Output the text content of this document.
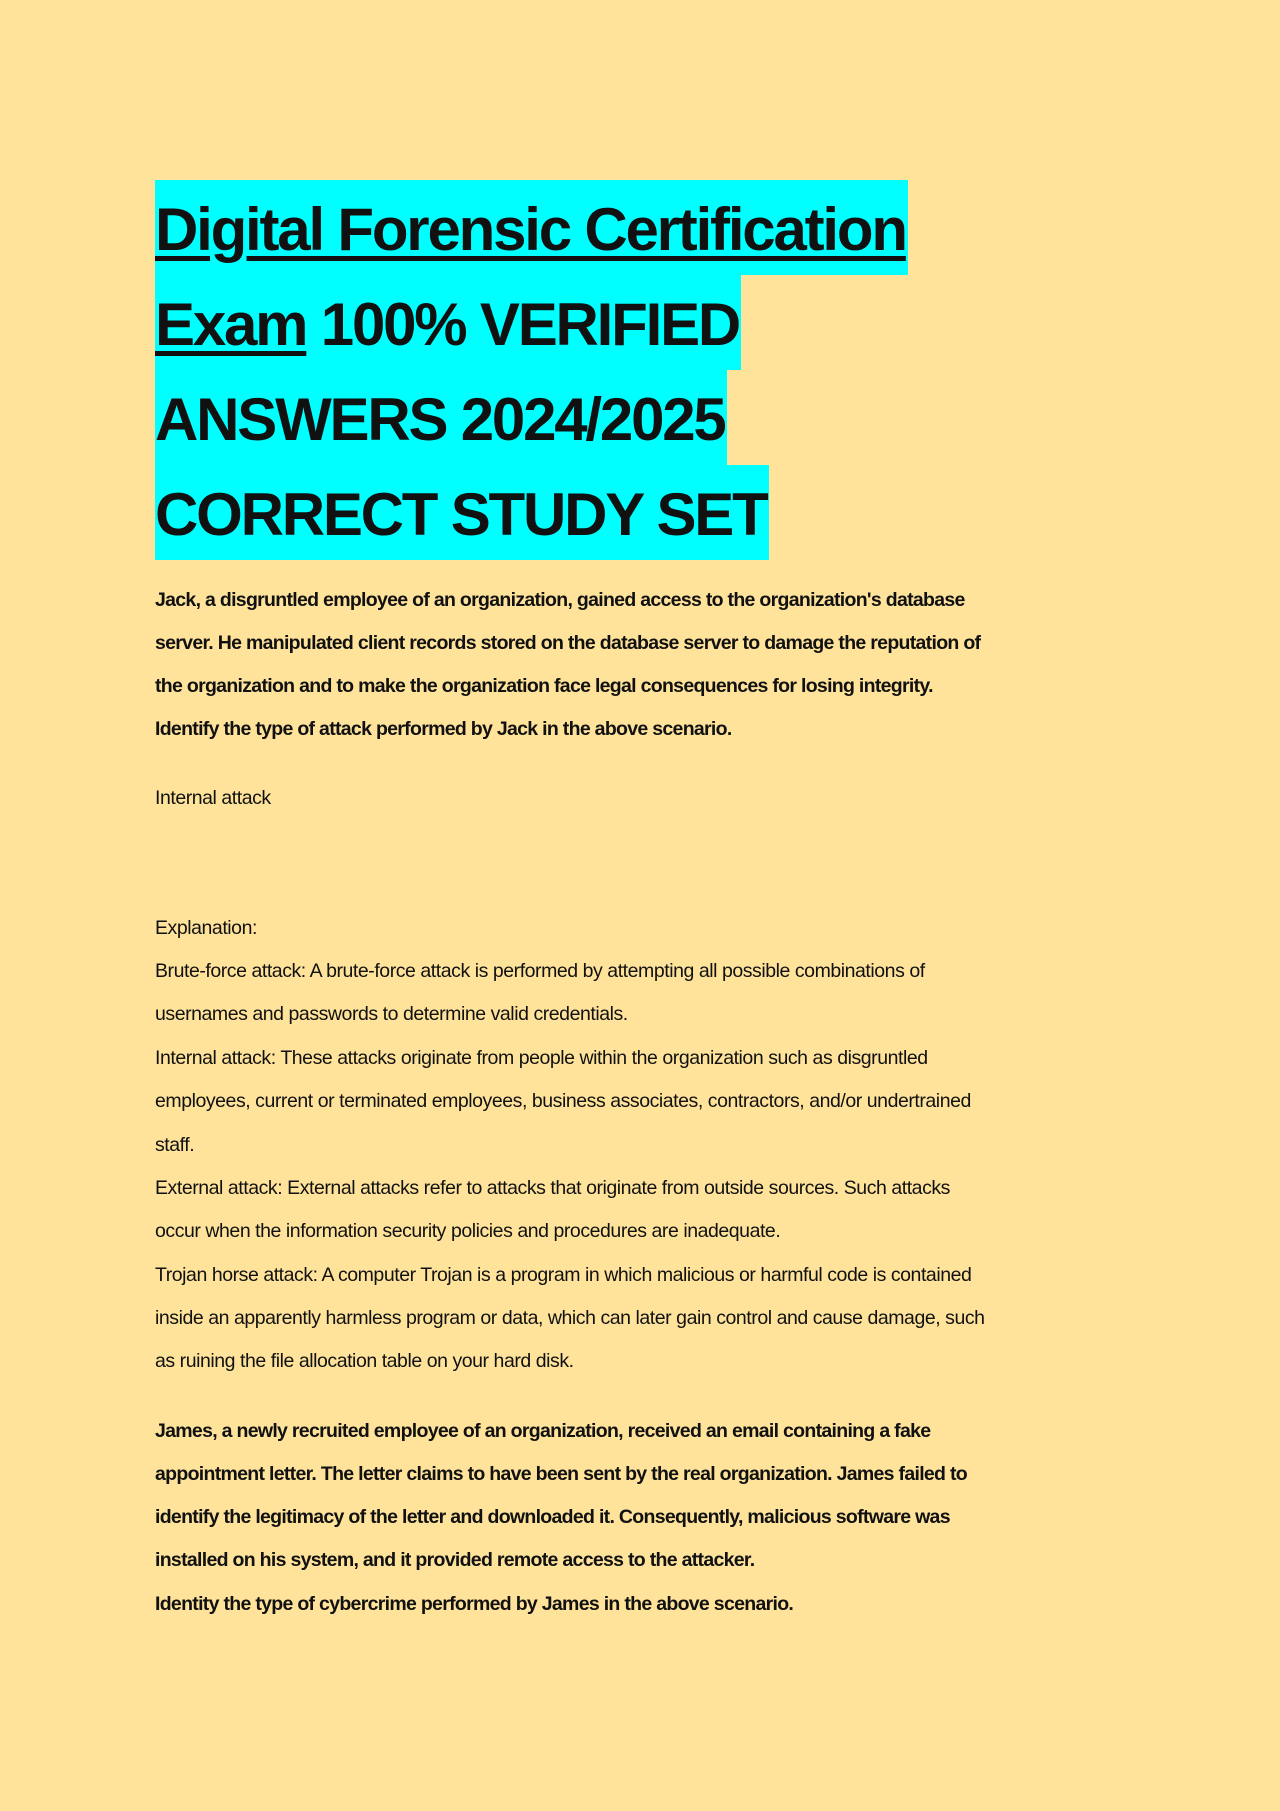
Digital Forensic Certification
Exam 100% VERIFIED
ANSWERS 2024/2025
CORRECT STUDY SET
Jack, a disgruntled employee of an organization, gained access to the organization's database
server. He manipulated client records stored on the database server to damage the reputation of
the organization and to make the organization face legal consequences for losing integrity.
Identify the type of attack performed by Jack in the above scenario.
Internal attack
Explanation:
Brute-force attack: A brute-force attack is performed by attempting all possible combinations of
usernames and passwords to determine valid credentials.
Internal attack: These attacks originate from people within the organization such as disgruntled
employees, current or terminated employees, business associates, contractors, and/or undertrained
staff.
External attack: External attacks refer to attacks that originate from outside sources. Such attacks
occur when the information security policies and procedures are inadequate.
Trojan horse attack: A computer Trojan is a program in which malicious or harmful code is contained
inside an apparently harmless program or data, which can later gain control and cause damage, such
as ruining the file allocation table on your hard disk.
James, a newly recruited employee of an organization, received an email containing a fake
appointment letter. The letter claims to have been sent by the real organization. James failed to
identify the legitimacy of the letter and downloaded it. Consequently, malicious software was
installed on his system, and it provided remote access to the attacker.
Identity the type of cybercrime performed by James in the above scenario.
